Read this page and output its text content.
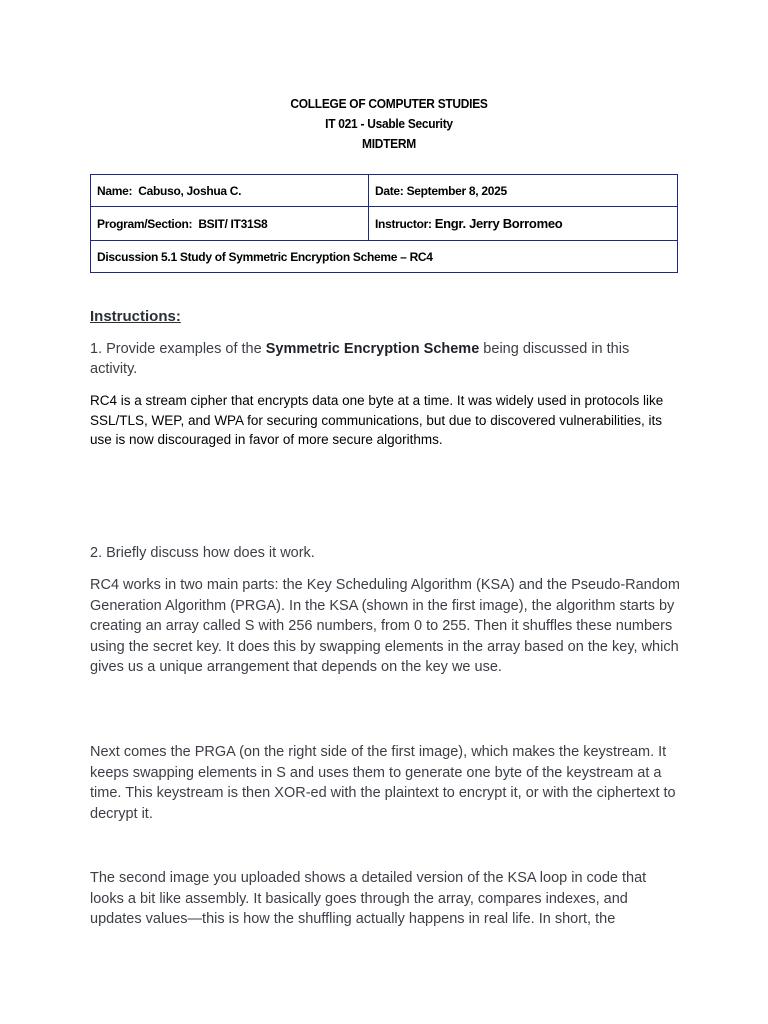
COLLEGE OF COMPUTER STUDIES
IT 021 - Usable Security
MIDTERM
Name: Cabuso, Joshua C.	Date: September 8, 2025
Program/Section: BSIT/ IT31S8	Instructor: Engr. Jerry Borromeo
Discussion 5.1 Study of Symmetric Encryption Scheme – RC4	
Instructions:
1. Provide examples of the Symmetric Encryption Scheme being discussed in this activity.
RC4 is a stream cipher that encrypts data one byte at a time. It was widely used in protocols like SSL/TLS, WEP, and WPA for securing communications, but due to discovered vulnerabilities, its use is now discouraged in favor of more secure algorithms.
2. Briefly discuss how does it work.
RC4 works in two main parts: the Key Scheduling Algorithm (KSA) and the Pseudo-Random Generation Algorithm (PRGA). In the KSA (shown in the first image), the algorithm starts by creating an array called S with 256 numbers, from 0 to 255. Then it shuffles these numbers using the secret key. It does this by swapping elements in the array based on the key, which gives us a unique arrangement that depends on the key we use.
Next comes the PRGA (on the right side of the first image), which makes the keystream. It keeps swapping elements in S and uses them to generate one byte of the keystream at a time. This keystream is then XOR-ed with the plaintext to encrypt it, or with the ciphertext to decrypt it.
The second image you uploaded shows a detailed version of the KSA loop in code that looks a bit like assembly. It basically goes through the array, compares indexes, and updates values—this is how the shuffling actually happens in real life. In short, the
